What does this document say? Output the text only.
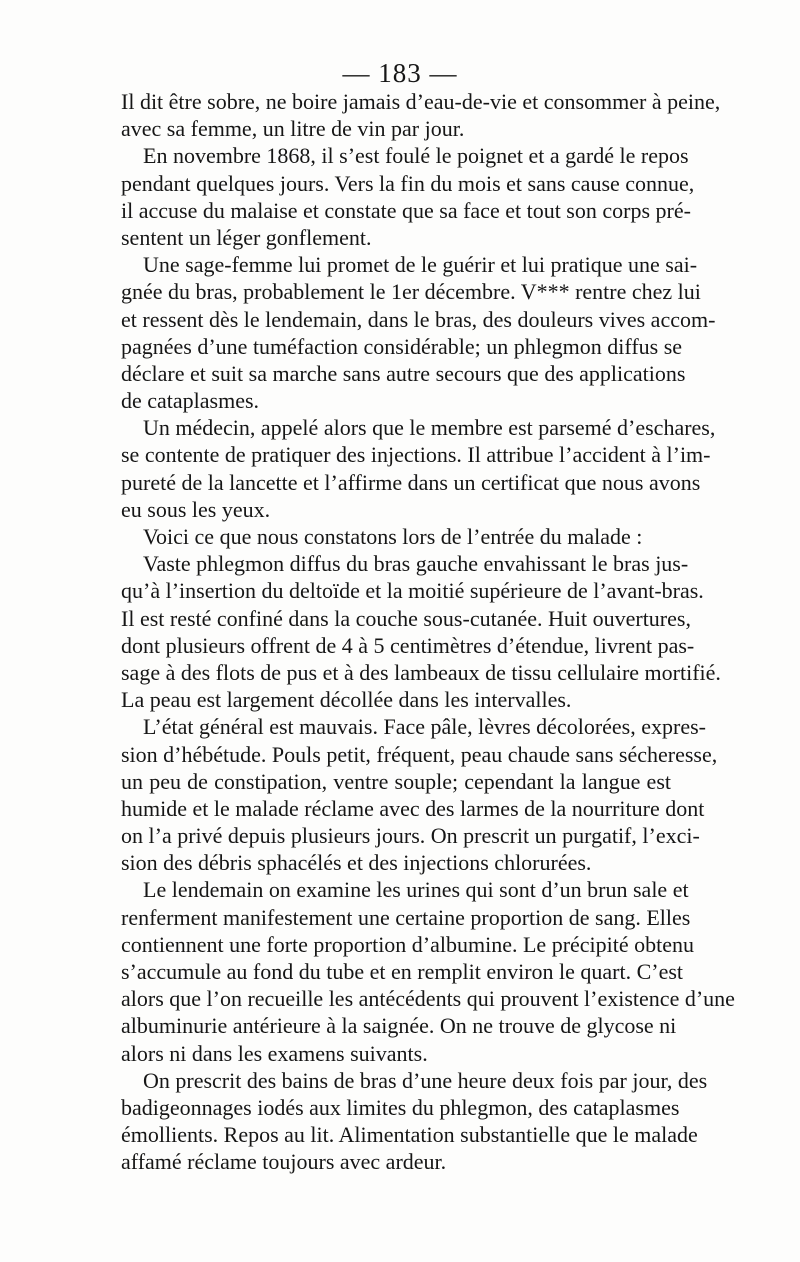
— 183 —
Il dit être sobre, ne boire jamais d’eau-de-vie et consommer à peine,
avec sa femme, un litre de vin par jour.
En novembre 1868, il s’est foulé le poignet et a gardé le repos
pendant quelques jours. Vers la fin du mois et sans cause connue,
il accuse du malaise et constate que sa face et tout son corps pré-
sentent un léger gonflement.
Une sage-femme lui promet de le guérir et lui pratique une sai-
gnée du bras, probablement le 1er décembre. V*** rentre chez lui
et ressent dès le lendemain, dans le bras, des douleurs vives accom-
pagnées d’une tuméfaction considérable; un phlegmon diffus se
déclare et suit sa marche sans autre secours que des applications
de cataplasmes.
Un médecin, appelé alors que le membre est parsemé d’eschares,
se contente de pratiquer des injections. Il attribue l’accident à l’im-
pureté de la lancette et l’affirme dans un certificat que nous avons
eu sous les yeux.
Voici ce que nous constatons lors de l’entrée du malade :
Vaste phlegmon diffus du bras gauche envahissant le bras jus-
qu’à l’insertion du deltoïde et la moitié supérieure de l’avant-bras.
Il est resté confiné dans la couche sous-cutanée. Huit ouvertures,
dont plusieurs offrent de 4 à 5 centimètres d’étendue, livrent pas-
sage à des flots de pus et à des lambeaux de tissu cellulaire mortifié.
La peau est largement décollée dans les intervalles.
L’état général est mauvais. Face pâle, lèvres décolorées, expres-
sion d’hébétude. Pouls petit, fréquent, peau chaude sans sécheresse,
un peu de constipation, ventre souple; cependant la langue est
humide et le malade réclame avec des larmes de la nourriture dont
on l’a privé depuis plusieurs jours. On prescrit un purgatif, l’exci-
sion des débris sphacélés et des injections chlorurées.
Le lendemain on examine les urines qui sont d’un brun sale et
renferment manifestement une certaine proportion de sang. Elles
contiennent une forte proportion d’albumine. Le précipité obtenu
s’accumule au fond du tube et en remplit environ le quart. C’est
alors que l’on recueille les antécédents qui prouvent l’existence d’une
albuminurie antérieure à la saignée. On ne trouve de glycose ni
alors ni dans les examens suivants.
On prescrit des bains de bras d’une heure deux fois par jour, des
badigeonnages iodés aux limites du phlegmon, des cataplasmes
émollients. Repos au lit. Alimentation substantielle que le malade
affamé réclame toujours avec ardeur.
